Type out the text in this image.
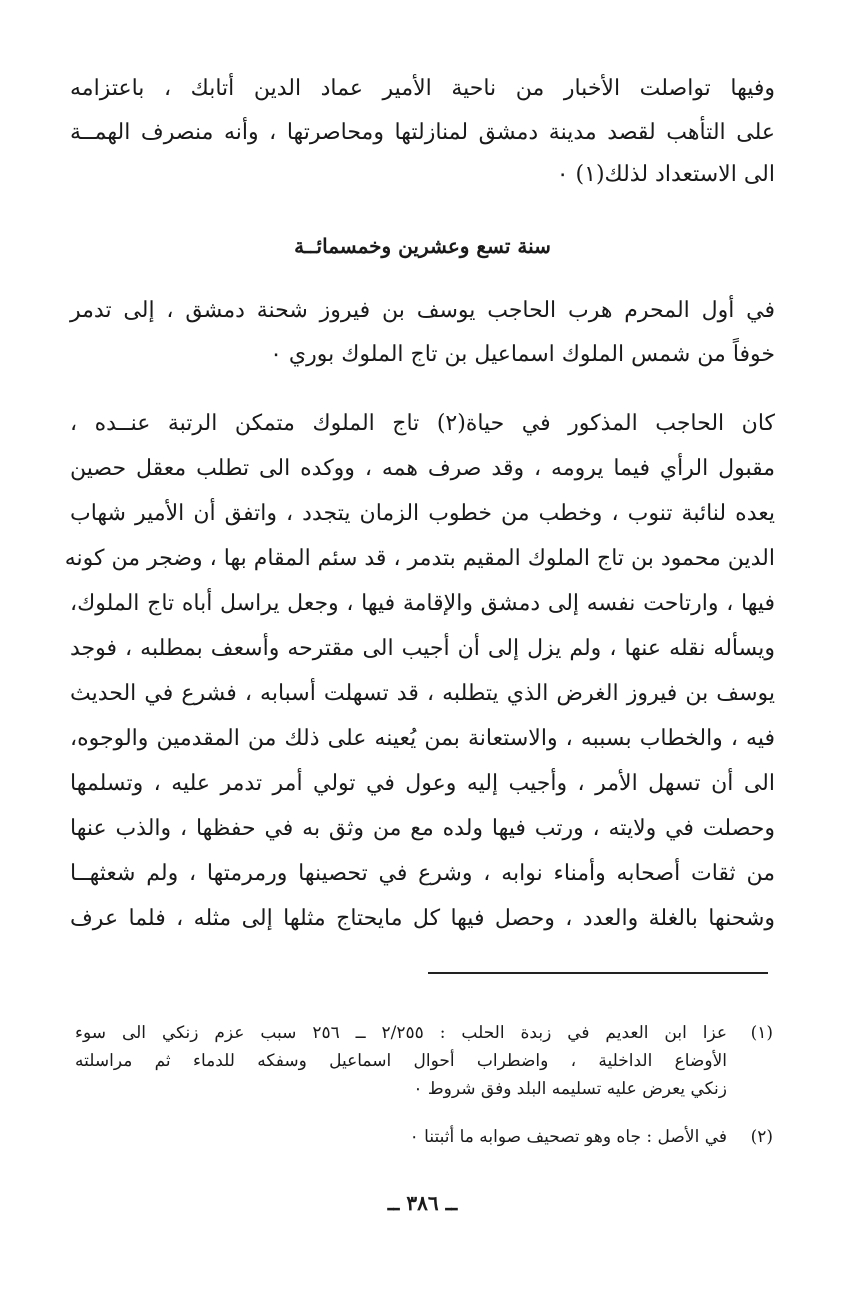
وفيها تواصلت الأخبار من ناحية الأمير عماد الدين أتابك ، باعتزامه
على التأهب لقصد مدينة دمشق لمنازلتها ومحاصرتها ، وأنه منصرف الهمــة
الى الاستعداد لذلك(١) ٠
سنة تسع وعشرين وخمسمائــة
في أول المحرم هرب الحاجب يوسف بن فيروز شحنة دمشق ، إلى تدمر
خوفاً من شمس الملوك اسماعيل بن تاج الملوك بوري ٠
كان الحاجب المذكور في حياة(٢) تاج الملوك متمكن الرتبة عنــده ،
مقبول الرأي فيما يرومه ، وقد صرف همه ، ووكده الى تطلب معقل حصين
يعده لنائبة تنوب ، وخطب من خطوب الزمان يتجدد ، واتفق أن الأمير شهاب
الدين محمود بن تاج الملوك المقيم بتدمر ، قد سئم المقام بها ، وضجر من كونه
فيها ، وارتاحت نفسه إلى دمشق والإقامة فيها ، وجعل يراسل أباه تاج الملوك،
ويسأله نقله عنها ، ولم يزل إلى أن أجيب الى مقترحه وأسعف بمطلبه ، فوجد
يوسف بن فيروز الغرض الذي يتطلبه ، قد تسهلت أسبابه ، فشرع في الحديث
فيه ، والخطاب بسببه ، والاستعانة بمن يُعينه على ذلك من المقدمين والوجوه،
الى أن تسهل الأمر ، وأجيب إليه وعول في تولي أمر تدمر عليه ، وتسلمها
وحصلت في ولايته ، ورتب فيها ولده مع من وثق به في حفظها ، والذب عنها
من ثقات أصحابه وأمناء نوابه ، وشرع في تحصينها ورمرمتها ، ولم شعثهــا
وشحنها بالغلة والعدد ، وحصل فيها كل مايحتاج مثلها إلى مثله ، فلما عرف
(١)
عزا ابن العديم في زبدة الحلب : ٢/٢٥٥ ــ ٢٥٦ سبب عزم زنكي الى سوء
الأوضاع الداخلية ، واضطراب أحوال اسماعيل وسفكه للدماء ثم مراسلته
زنكي يعرض عليه تسليمه البلد وفق شروط ٠
(٢)
في الأصل : جاه وهو تصحيف صوابه ما أثبتنا ٠
ــ ٣٨٦ ــ
